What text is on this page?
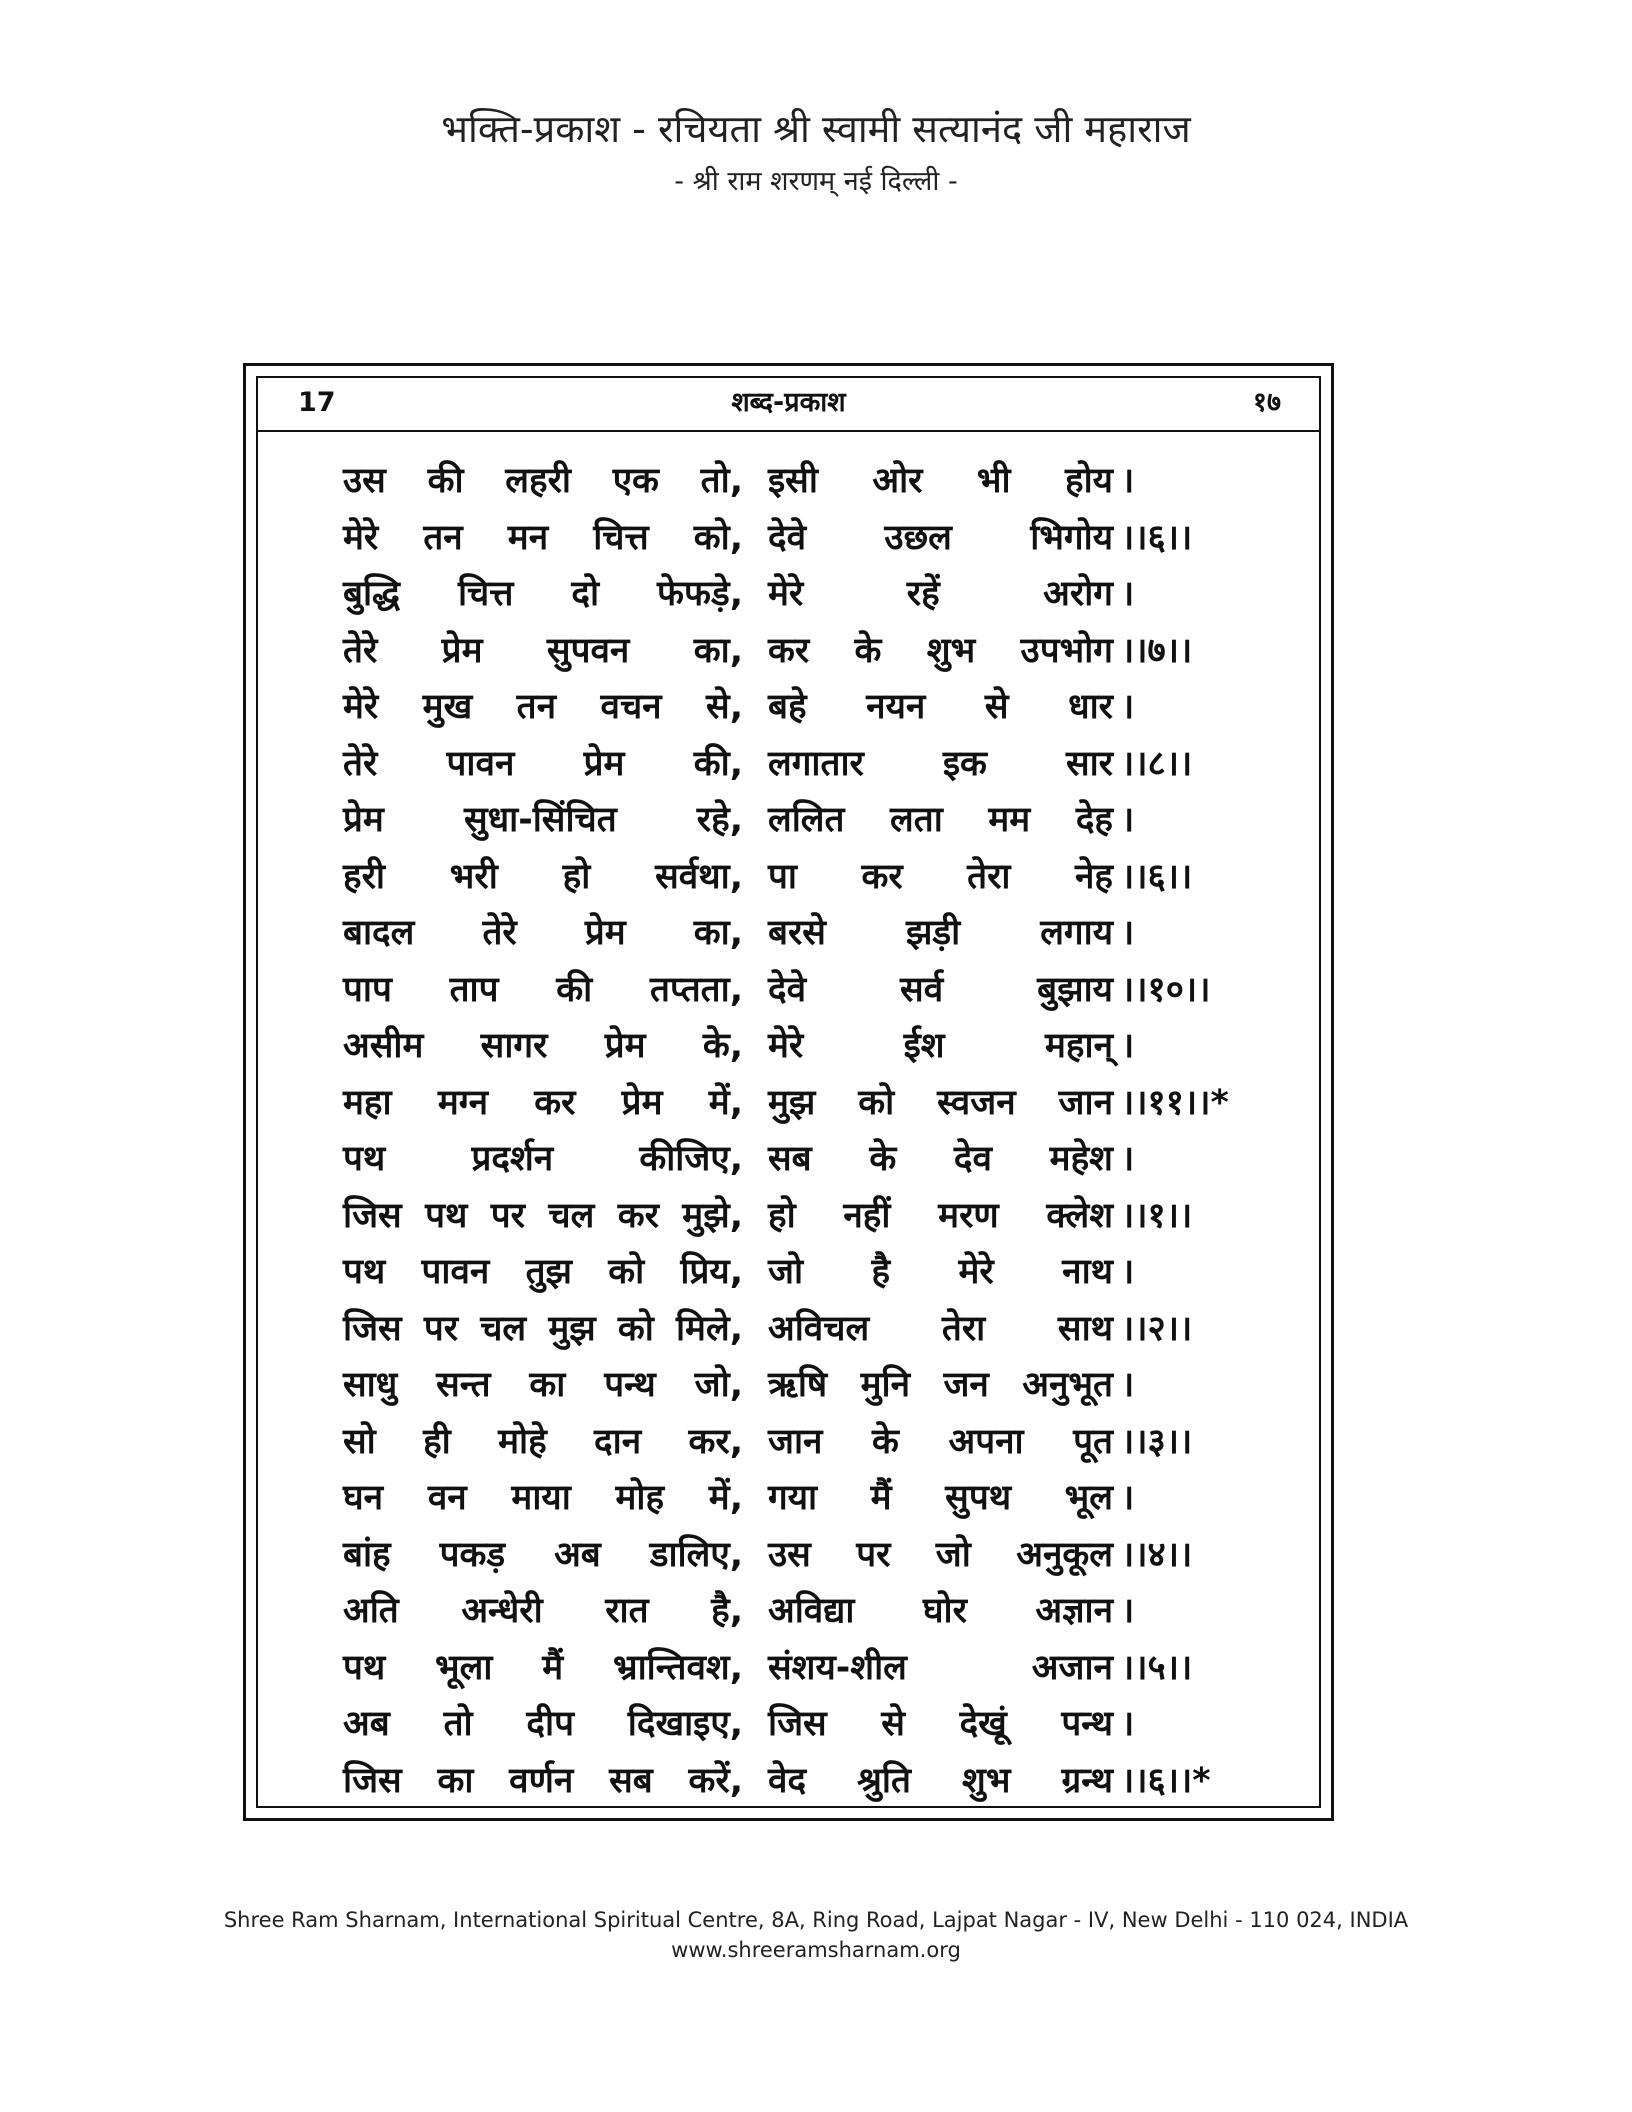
भक्ति-प्रकाश - रचियता श्री स्वामी सत्यानंद जी महाराज
- श्री राम शरणम् नई दिल्ली -
17	शब्द-प्रकाश	१७
उस की लहरी एक तो, इसी ओर भी होय ।
मेरे तन मन चित्त को, देवे उछल भिगोय ।।६।।
बुद्धि चित्त दो फेफड़े, मेरे रहें अरोग ।
तेरे प्रेम सुपवन का, कर के शुभ उपभोग ।।७।।
मेरे मुख तन वचन से, बहे नयन से धार ।
तेरे पावन प्रेम की, लगातार इक सार ।।८।।
प्रेम सुधा-सिंचित रहे, ललित लता मम देह ।
हरी भरी हो सर्वथा, पा कर तेरा नेह ।।६।।
बादल तेरे प्रेम का, बरसे झड़ी लगाय ।
पाप ताप की तप्तता, देवे सर्व बुझाय ।।१०।।
असीम सागर प्रेम के, मेरे ईश महान् ।
महा मग्न कर प्रेम में, मुझ को स्वजन जान ।।११।।*
पथ प्रदर्शन कीजिए, सब के देव महेश ।
जिस पथ पर चल कर मुझे, हो नहीं मरण क्लेश ।।१।।
पथ पावन तुझ को प्रिय, जो है मेरे नाथ ।
जिस पर चल मुझ को मिले, अविचल तेरा साथ ।।२।।
साधु सन्त का पन्थ जो, ऋषि मुनि जन अनुभूत ।
सो ही मोहे दान कर, जान के अपना पूत ।।३।।
घन वन माया मोह में, गया मैं सुपथ भूल ।
बांह पकड़ अब डालिए, उस पर जो अनुकूल ।।४।।
अति अन्धेरी रात है, अविद्या घोर अज्ञान ।
पथ भूला मैं भ्रान्तिवश, संशय-शील अजान ।।५।।
अब तो दीप दिखाइए, जिस से देखूं पन्थ ।
जिस का वर्णन सब करें, वेद श्रुति शुभ ग्रन्थ ।।६।।*
Shree Ram Sharnam, International Spiritual Centre, 8A, Ring Road, Lajpat Nagar - IV, New Delhi - 110 024, INDIA
www.shreeramsharnam.org
